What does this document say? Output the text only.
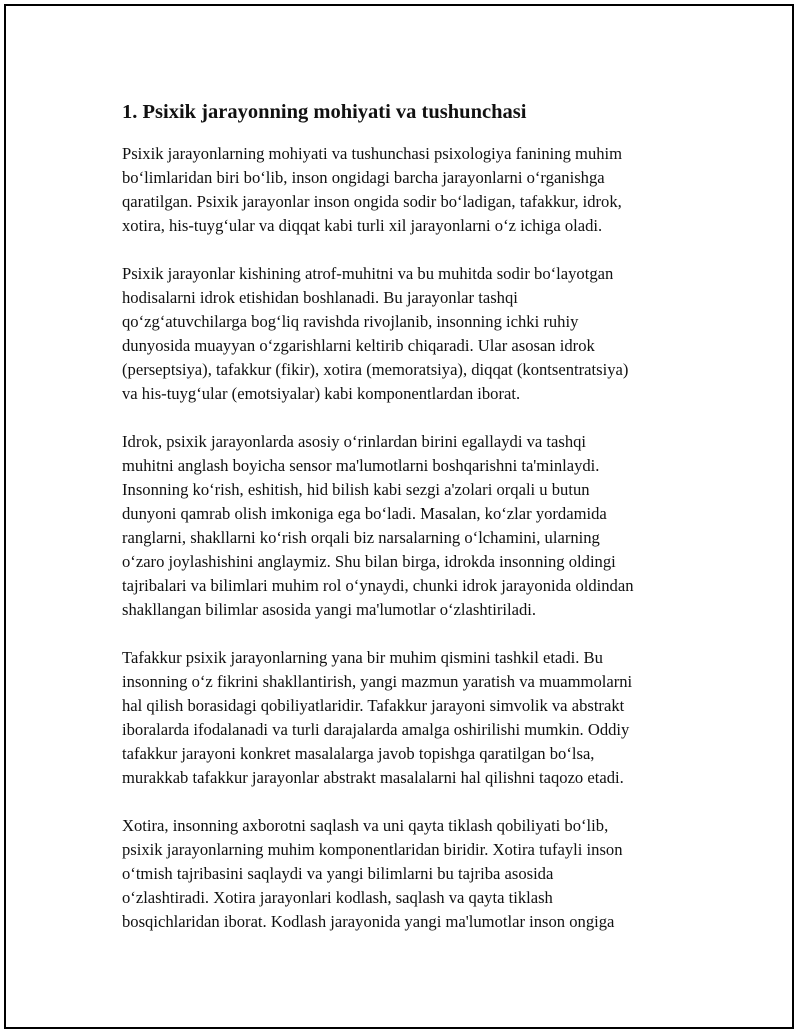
1. Psixik jarayonning mohiyati va tushunchasi

Psixik jarayonlarning mohiyati va tushunchasi psixologiya fanining muhim
boʻlimlaridan biri boʻlib, inson ongidagi barcha jarayonlarni oʻrganishga
qaratilgan. Psixik jarayonlar inson ongida sodir boʻladigan, tafakkur, idrok,
xotira, his-tuygʻular va diqqat kabi turli xil jarayonlarni oʻz ichiga oladi.

Psixik jarayonlar kishining atrof-muhitni va bu muhitda sodir boʻlayotgan
hodisalarni idrok etishidan boshlanadi. Bu jarayonlar tashqi
qoʻzgʻatuvchilarga bogʻliq ravishda rivojlanib, insonning ichki ruhiy
dunyosida muayyan oʻzgarishlarni keltirib chiqaradi. Ular asosan idrok
(perseptsiya), tafakkur (fikir), xotira (memoratsiya), diqqat (kontsentratsiya)
va his-tuygʻular (emotsiyalar) kabi komponentlardan iborat.

Idrok, psixik jarayonlarda asosiy oʻrinlardan birini egallaydi va tashqi
muhitni anglash boyicha sensor ma'lumotlarni boshqarishni ta'minlaydi.
Insonning koʻrish, eshitish, hid bilish kabi sezgi a'zolari orqali u butun
dunyoni qamrab olish imkoniga ega boʻladi. Masalan, koʻzlar yordamida
ranglarni, shakllarni koʻrish orqali biz narsalarning oʻlchamini, ularning
oʻzaro joylashishini anglaymiz. Shu bilan birga, idrokda insonning oldingi
tajribalari va bilimlari muhim rol oʻynaydi, chunki idrok jarayonida oldindan
shakllangan bilimlar asosida yangi ma'lumotlar oʻzlashtiriladi.

Tafakkur psixik jarayonlarning yana bir muhim qismini tashkil etadi. Bu
insonning oʻz fikrini shakllantirish, yangi mazmun yaratish va muammolarni
hal qilish borasidagi qobiliyatlaridir. Tafakkur jarayoni simvolik va abstrakt
iboralarda ifodalanadi va turli darajalarda amalga oshirilishi mumkin. Oddiy
tafakkur jarayoni konkret masalalarga javob topishga qaratilgan boʻlsa,
murakkab tafakkur jarayonlar abstrakt masalalarni hal qilishni taqozo etadi.

Xotira, insonning axborotni saqlash va uni qayta tiklash qobiliyati boʻlib,
psixik jarayonlarning muhim komponentlaridan biridir. Xotira tufayli inson
oʻtmish tajribasini saqlaydi va yangi bilimlarni bu tajriba asosida
oʻzlashtiradi. Xotira jarayonlari kodlash, saqlash va qayta tiklash
bosqichlaridan iborat. Kodlash jarayonida yangi ma'lumotlar inson ongiga
